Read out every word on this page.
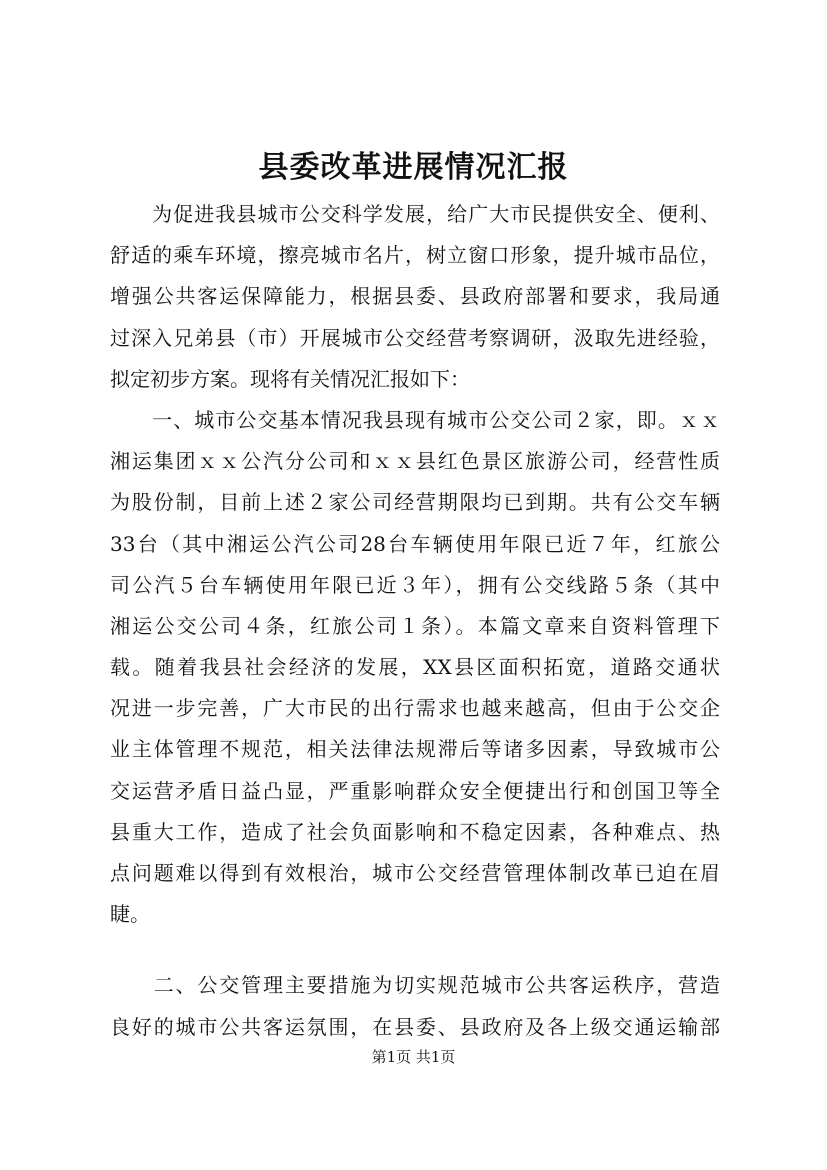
县委改革进展情况汇报
　　为促进我县城市公交科学发展，给广大市民提供安全、便利、
舒适的乘车环境，擦亮城市名片，树立窗口形象，提升城市品位，
增强公共客运保障能力，根据县委、县政府部署和要求，我局通
过深入兄弟县（市）开展城市公交经营考察调研，汲取先进经验，
拟定初步方案。现将有关情况汇报如下：
　　一、城市公交基本情况我县现有城市公交公司２家，即。ｘｘ
湘运集团ｘｘ公汽分公司和ｘｘ县红色景区旅游公司，经营性质
为股份制，目前上述２家公司经营期限均已到期。共有公交车辆
33台（其中湘运公汽公司28台车辆使用年限已近７年，红旅公
司公汽５台车辆使用年限已近３年），拥有公交线路５条（其中
湘运公交公司４条，红旅公司１条）。本篇文章来自资料管理下
载。随着我县社会经济的发展，XX县区面积拓宽，道路交通状
况进一步完善，广大市民的出行需求也越来越高，但由于公交企
业主体管理不规范，相关法律法规滞后等诸多因素，导致城市公
交运营矛盾日益凸显，严重影响群众安全便捷出行和创国卫等全
县重大工作，造成了社会负面影响和不稳定因素，各种难点、热
点问题难以得到有效根治，城市公交经营管理体制改革已迫在眉
睫。
　　二、公交管理主要措施为切实规范城市公共客运秩序，营造
良好的城市公共客运氛围，在县委、县政府及各上级交通运输部
第1页 共1页
